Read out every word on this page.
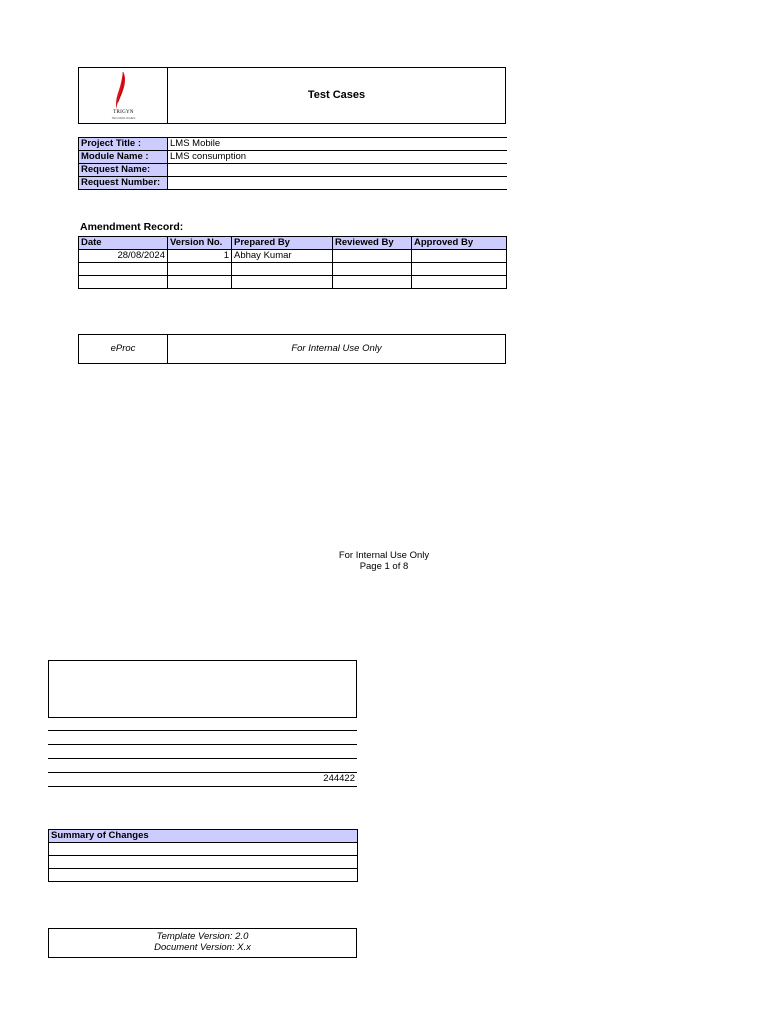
TRIGYN
TECHNOLOGIES
Test Cases
Project Title :	LMS Mobile
Module Name :	LMS consumption
Request Name:	
Request Number:	
Amendment Record:
Date	Version No.	Prepared By	Reviewed By	Approved By
28/08/2024	1	Abhay Kumar		

eProc	For Internal Use Only
For Internal Use Only
Page 1 of 8
244422
Summary of Changes

Template Version: 2.0
Document Version: X.x
